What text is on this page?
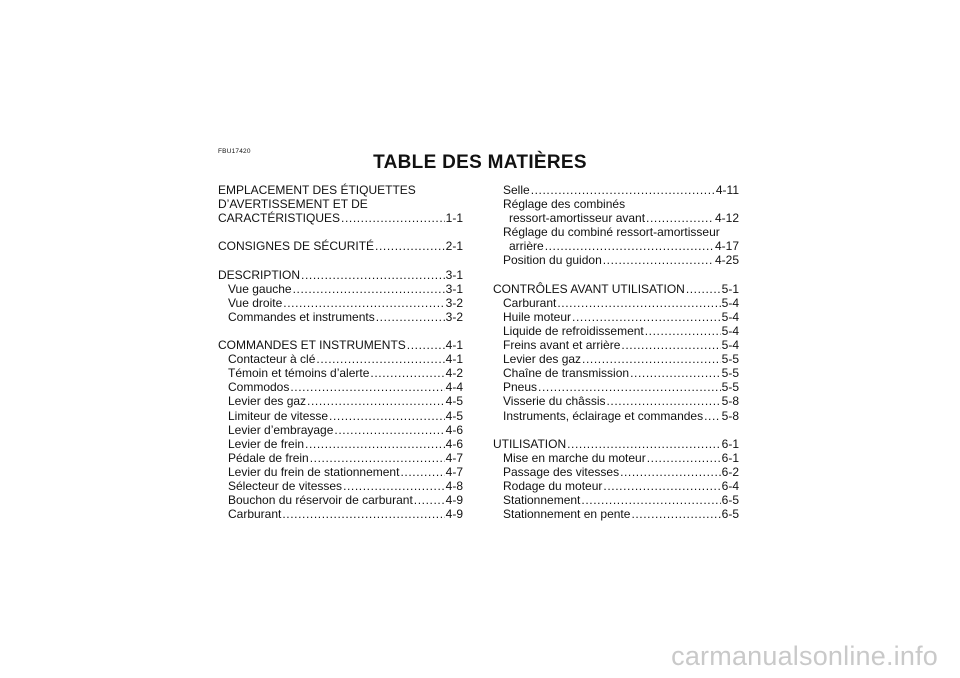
FBU17420
TABLE DES MATIÈRES
EMPLACEMENT DES ÉTIQUETTES
D’AVERTISSEMENT ET DE
CARACTÉRISTIQUES .....	1-1
CONSIGNES DE SÉCURITÉ .....	2-1
DESCRIPTION .....	3-1
Vue gauche .....	3-1
Vue droite .....	3-2
Commandes et instruments .....	3-2
COMMANDES ET INSTRUMENTS .....	4-1
Contacteur à clé .....	4-1
Témoin et témoins d’alerte .....	4-2
Commodos .....	4-4
Levier des gaz .....	4-5
Limiteur de vitesse .....	4-5
Levier d’embrayage .....	4-6
Levier de frein .....	4-6
Pédale de frein .....	4-7
Levier du frein de stationnement .....	4-7
Sélecteur de vitesses .....	4-8
Bouchon du réservoir de carburant .....	4-9
Carburant .....	4-9
Selle .....	4-11
Réglage des combinés
ressort-amortisseur avant .....	4-12
Réglage du combiné ressort-amortisseur
arrière .....	4-17
Position du guidon .....	4-25
CONTRÔLES AVANT UTILISATION .....	5-1
Carburant .....	5-4
Huile moteur .....	5-4
Liquide de refroidissement .....	5-4
Freins avant et arrière .....	5-4
Levier des gaz .....	5-5
Chaîne de transmission .....	5-5
Pneus .....	5-5
Visserie du châssis .....	5-8
Instruments, éclairage et commandes ..... 5-8
UTILISATION .....	6-1
Mise en marche du moteur .....	6-1
Passage des vitesses .....	6-2
Rodage du moteur .....	6-4
Stationnement .....	6-5
Stationnement en pente .....	6-5
carmanualsonline.info
